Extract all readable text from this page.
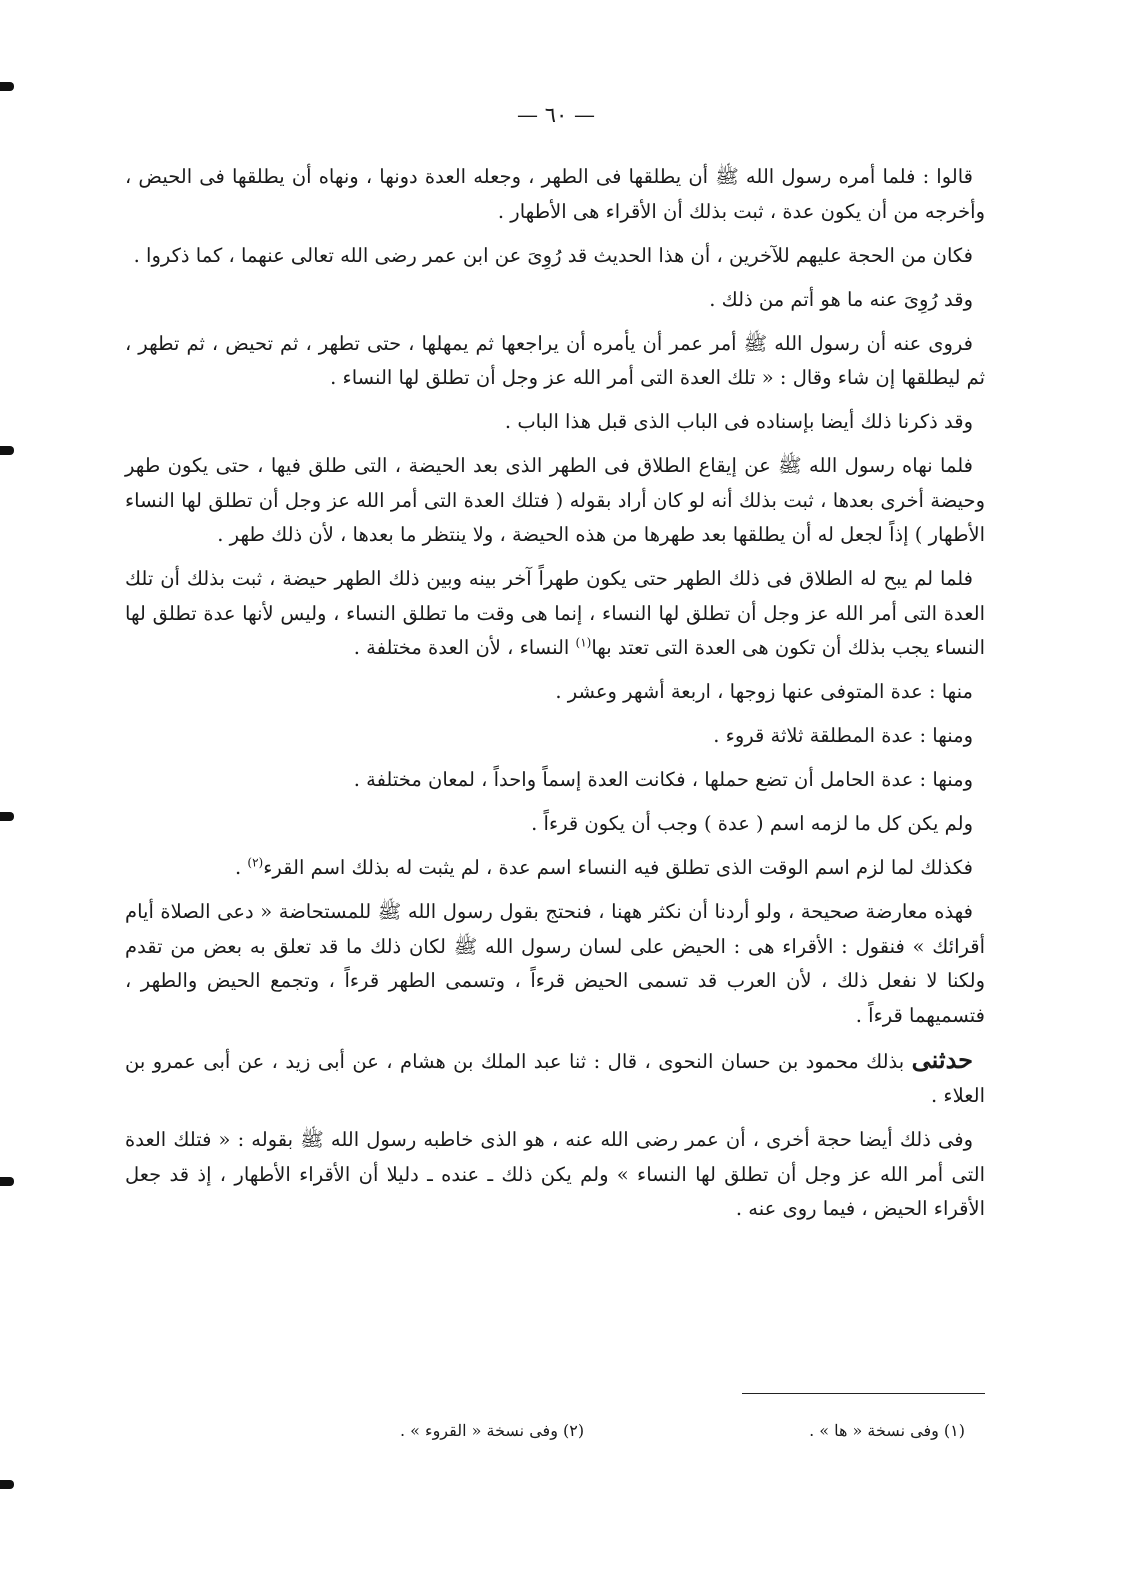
— ٦٠ —

قالوا : فلما أمره رسول الله ﷺ أن يطلقها فى الطهر ، وجعله العدة دونها ، ونهاه أن يطلقها فى الحيض ، وأخرجه من أن يكون عدة ، ثبت بذلك أن الأقراء هى الأطهار .

فكان من الحجة عليهم للآخرين ، أن هذا الحديث قد رُوِىَ عن ابن عمر رضى الله تعالى عنهما ، كما ذكروا .

وقد رُوِىَ عنه ما هو أتم من ذلك .

فروى عنه أن رسول الله ﷺ أمر عمر أن يأمره أن يراجعها ثم يمهلها ، حتى تطهر ، ثم تحيض ، ثم تطهر ، ثم ليطلقها إن شاء وقال : « تلك العدة التى أمر الله عز وجل أن تطلق لها النساء .

وقد ذكرنا ذلك أيضا بإسناده فى الباب الذى قبل هذا الباب .

فلما نهاه رسول الله ﷺ عن إيقاع الطلاق فى الطهر الذى بعد الحيضة ، التى طلق فيها ، حتى يكون طهر وحيضة أخرى بعدها ، ثبت بذلك أنه لو كان أراد بقوله ( فتلك العدة التى أمر الله عز وجل أن تطلق لها النساء الأطهار ) إذاً لجعل له أن يطلقها بعد طهرها من هذه الحيضة ، ولا ينتظر ما بعدها ، لأن ذلك طهر .

فلما لم يبح له الطلاق فى ذلك الطهر حتى يكون طهراً آخر بينه وبين ذلك الطهر حيضة ، ثبت بذلك أن تلك العدة التى أمر الله عز وجل أن تطلق لها النساء ، إنما هى وقت ما تطلق النساء ، وليس لأنها عدة تطلق لها النساء يجب بذلك أن تكون هى العدة التى تعتد بها$^{(١)}$ النساء ، لأن العدة مختلفة .

منها : عدة المتوفى عنها زوجها ، اربعة أشهر وعشر .

ومنها : عدة المطلقة ثلاثة قروء .

ومنها : عدة الحامل أن تضع حملها ، فكانت العدة إسماً واحداً ، لمعان مختلفة .

ولم يكن كل ما لزمه اسم ( عدة ) وجب أن يكون قرءاً .

فكذلك لما لزم اسم الوقت الذى تطلق فيه النساء اسم عدة ، لم يثبت له بذلك اسم القرء$^{(٢)}$ .

فهذه معارضة صحيحة ، ولو أردنا أن نكثر ههنا ، فنحتج بقول رسول الله ﷺ للمستحاضة « دعى الصلاة أيام أقرائك » فنقول : الأقراء هى : الحيض على لسان رسول الله ﷺ لكان ذلك ما قد تعلق به بعض من تقدم ولكنا لا نفعل ذلك ، لأن العرب قد تسمى الحيض قرءاً ، وتسمى الطهر قرءاً ، وتجمع الحيض والطهر ، فتسميهما قرءاً .

حدثنى بذلك محمود بن حسان النحوى ، قال : ثنا عبد الملك بن هشام ، عن أبى زيد ، عن أبى عمرو بن العلاء .

وفى ذلك أيضا حجة أخرى ، أن عمر رضى الله عنه ، هو الذى خاطبه رسول الله ﷺ بقوله : « فتلك العدة التى أمر الله عز وجل أن تطلق لها النساء » ولم يكن ذلك ـ عنده ـ دليلا أن الأقراء الأطهار ، إذ قد جعل الأقراء الحيض ، فيما روى عنه .

(١) وفى نسخة « ها » .
(٢) وفى نسخة « القروء » .
